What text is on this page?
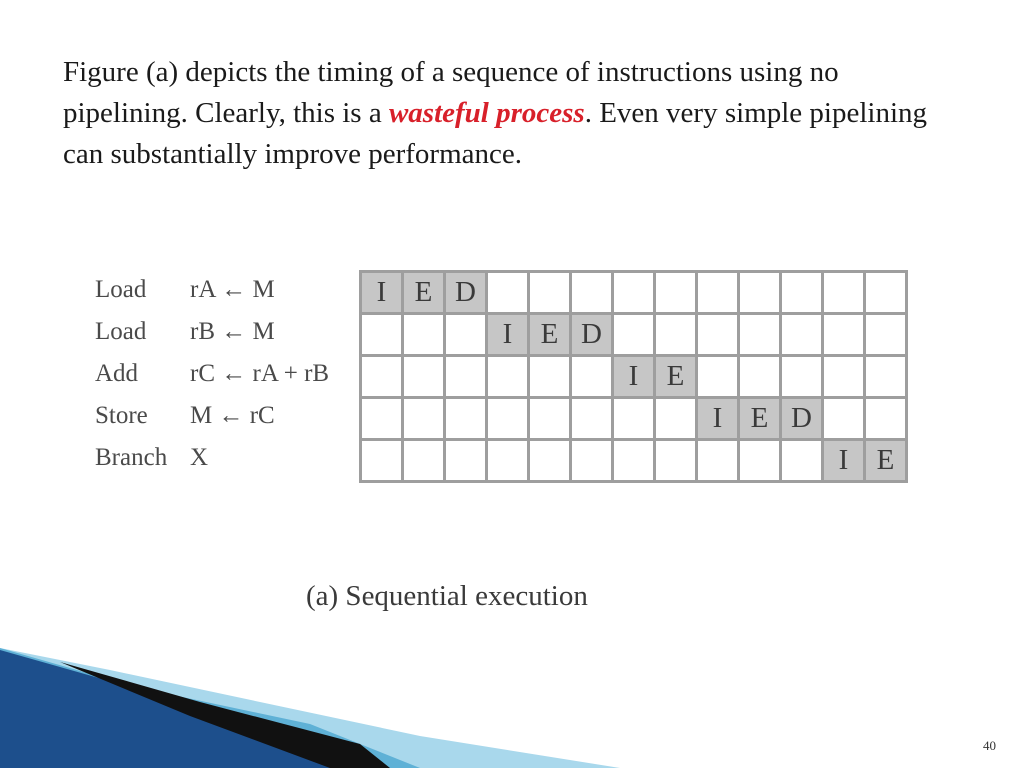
Figure (a) depicts the timing of a sequence of instructions using no pipelining. Clearly, this is a wasteful process. Even very simple pipelining can substantially improve performance.

Load rA ← M
Load rB ← M
Add rC ← rA + rB
Store M ← rC
Branch X
I E D
I E D
I E
I E D
I E
(a) Sequential execution
40
